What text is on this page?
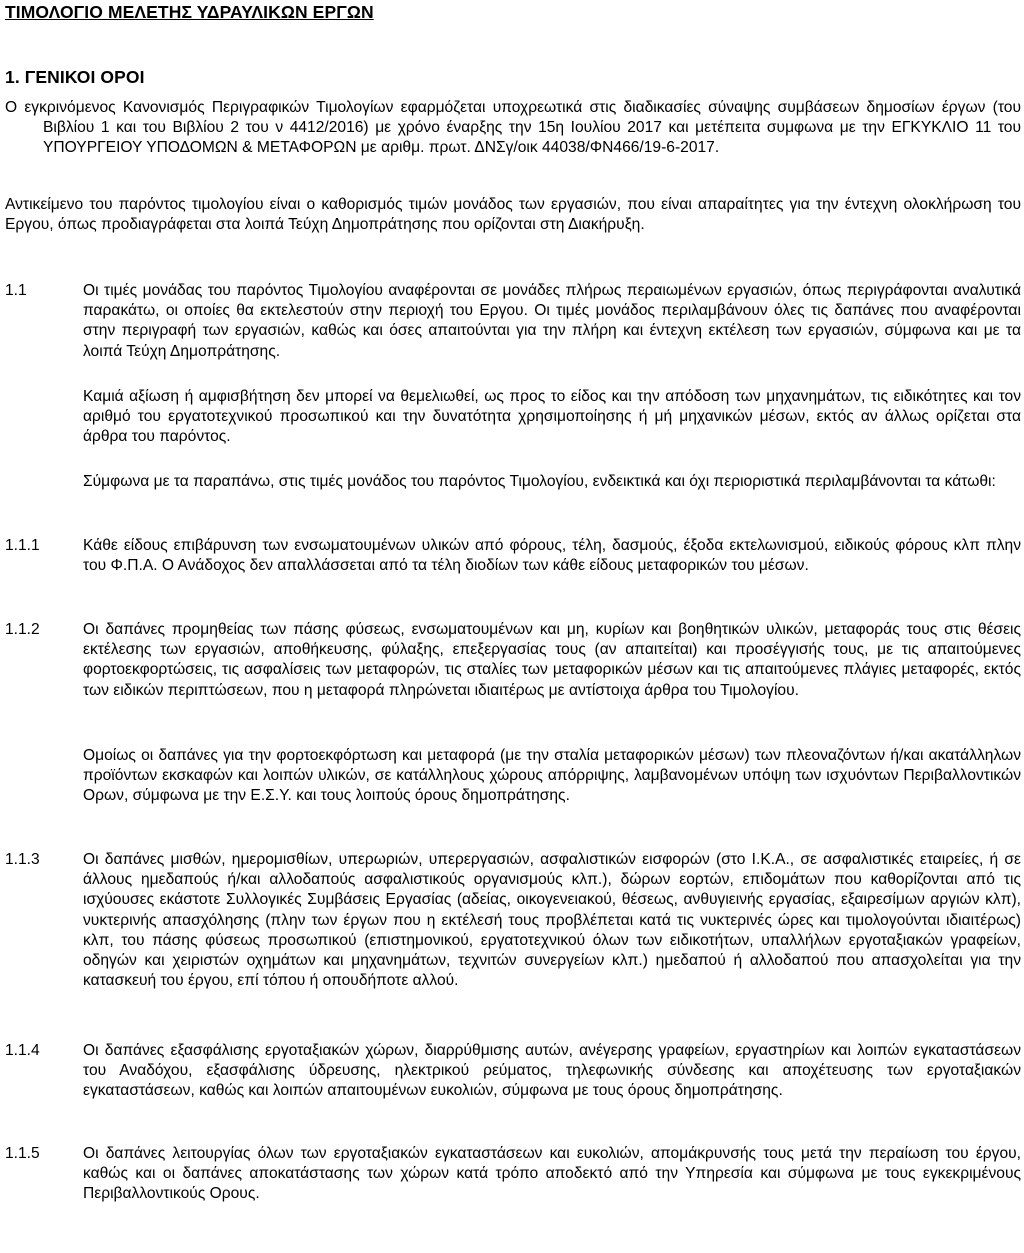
ΤΙΜΟΛΟΓΙΟ ΜΕΛΕΤΗΣ ΥΔΡΑΥΛΙΚΩΝ ΕΡΓΩΝ
1. ΓΕΝΙΚΟΙ ΟΡΟΙ
Ο εγκρινόμενος Κανονισμός Περιγραφικών Τιμολογίων εφαρμόζεται υποχρεωτικά στις διαδικασίες σύναψης συμβάσεων δημοσίων έργων (του Βιβλίου 1 και του Βιβλίου 2 του ν 4412/2016) με χρόνο έναρξης την 15η Ιουλίου 2017 και μετέπειτα συμφωνα με την ΕΓΚΥΚΛΙΟ 11 του ΥΠΟΥΡΓΕΙΟΥ ΥΠΟΔΟΜΩΝ & ΜΕΤΑΦΟΡΩΝ με αριθμ. πρωτ. ΔΝΣγ/οικ 44038/ΦΝ466/19-6-2017.
Αντικείμενο του παρόντος τιμολογίου είναι ο καθορισμός τιμών μονάδος των εργασιών, που είναι απαραίτητες για την έντεχνη ολοκλήρωση του Εργου, όπως προδιαγράφεται στα λοιπά Τεύχη Δημοπράτησης που ορίζονται στη Διακήρυξη.
1.1	Οι τιμές μονάδας του παρόντος Τιμολογίου αναφέρονται σε μονάδες πλήρως περαιωμένων εργασιών, όπως περιγράφονται αναλυτικά παρακάτω, οι οποίες θα εκτελεστούν στην περιοχή του Εργου. Οι τιμές μονάδος περιλαμβάνουν όλες τις δαπάνες που αναφέρονται στην περιγραφή των εργασιών, καθώς και όσες απαιτούνται για την πλήρη και έντεχνη εκτέλεση των εργασιών, σύμφωνα και με τα λοιπά Τεύχη Δημοπράτησης.
Καμιά αξίωση ή αμφισβήτηση δεν μπορεί να θεμελιωθεί, ως προς το είδος και την απόδοση των μηχανημάτων, τις ειδικότητες και τον αριθμό του εργατοτεχνικού προσωπικού και την δυνατότητα χρησιμοποίησης ή μή μηχανικών μέσων, εκτός αν άλλως ορίζεται στα άρθρα του παρόντος.
Σύμφωνα με τα παραπάνω, στις τιμές μονάδος του παρόντος Τιμολογίου, ενδεικτικά και όχι περιοριστικά περιλαμβάνονται τα κάτωθι:
1.1.1	Κάθε είδους επιβάρυνση των ενσωματουμένων υλικών από φόρους, τέλη, δασμούς, έξοδα εκτελωνισμού, ειδικούς φόρους κλπ πλην του Φ.Π.Α. Ο Ανάδοχος δεν απαλλάσσεται από τα τέλη διοδίων των κάθε είδους μεταφορικών του μέσων.
1.1.2	Οι δαπάνες προμηθείας των πάσης φύσεως, ενσωματουμένων και μη, κυρίων και βοηθητικών υλικών, μεταφοράς τους στις θέσεις εκτέλεσης των εργασιών, αποθήκευσης, φύλαξης, επεξεργασίας τους (αν απαιτείται) και προσέγγισής τους, με τις απαιτούμενες φορτοεκφορτώσεις, τις ασφαλίσεις των μεταφορών, τις σταλίες των μεταφορικών μέσων και τις απαιτούμενες πλάγιες μεταφορές, εκτός των ειδικών περιπτώσεων, που η μεταφορά πληρώνεται ιδιαιτέρως με αντίστοιχα άρθρα του Τιμολογίου.
Ομοίως οι δαπάνες για την φορτοεκφόρτωση και μεταφορά (με την σταλία μεταφορικών μέσων) των πλεοναζόντων ή/και ακατάλληλων προϊόντων εκσκαφών και λοιπών υλικών, σε κατάλληλους χώρους απόρριψης, λαμβανομένων υπόψη των ισχυόντων Περιβαλλοντικών Ορων, σύμφωνα με την Ε.Σ.Υ. και τους λοιπούς όρους δημοπράτησης.
1.1.3	Οι δαπάνες μισθών, ημερομισθίων, υπερωριών, υπερεργασιών, ασφαλιστικών εισφορών (στο Ι.Κ.Α., σε ασφαλιστικές εταιρείες, ή σε άλλους ημεδαπούς ή/και αλλοδαπούς ασφαλιστικούς οργανισμούς κλπ.), δώρων εορτών, επιδομάτων που καθορίζονται από τις ισχύουσες εκάστοτε Συλλογικές Συμβάσεις Εργασίας (αδείας, οικογενειακού, θέσεως, ανθυγιεινής εργασίας, εξαιρεσίμων αργιών κλπ), νυκτερινής απασχόλησης (πλην των έργων που η εκτέλεσή τους προβλέπεται κατά τις νυκτερινές ώρες και τιμολογούνται ιδιαιτέρως) κλπ, του πάσης φύσεως προσωπικού (επιστημονικού, εργατοτεχνικού όλων των ειδικοτήτων, υπαλλήλων εργοταξιακών γραφείων, οδηγών και χειριστών οχημάτων και μηχανημάτων, τεχνιτών συνεργείων κλπ.) ημεδαπού ή αλλοδαπού που απασχολείται για την κατασκευή του έργου, επί τόπου ή οπουδήποτε αλλού.
1.1.4	Οι δαπάνες εξασφάλισης εργοταξιακών χώρων, διαρρύθμισης αυτών, ανέγερσης γραφείων, εργαστηρίων και λοιπών εγκαταστάσεων του Αναδόχου, εξασφάλισης ύδρευσης, ηλεκτρικού ρεύματος, τηλεφωνικής σύνδεσης και αποχέτευσης των εργοταξιακών εγκαταστάσεων, καθώς και λοιπών απαιτουμένων ευκολιών, σύμφωνα με τους όρους δημοπράτησης.
1.1.5	Οι δαπάνες λειτουργίας όλων των εργοταξιακών εγκαταστάσεων και ευκολιών, απομάκρυνσής τους μετά την περαίωση του έργου, καθώς και οι δαπάνες αποκατάστασης των χώρων κατά τρόπο αποδεκτό από την Υπηρεσία και σύμφωνα με τους εγκεκριμένους Περιβαλλοντικούς Ορους.
